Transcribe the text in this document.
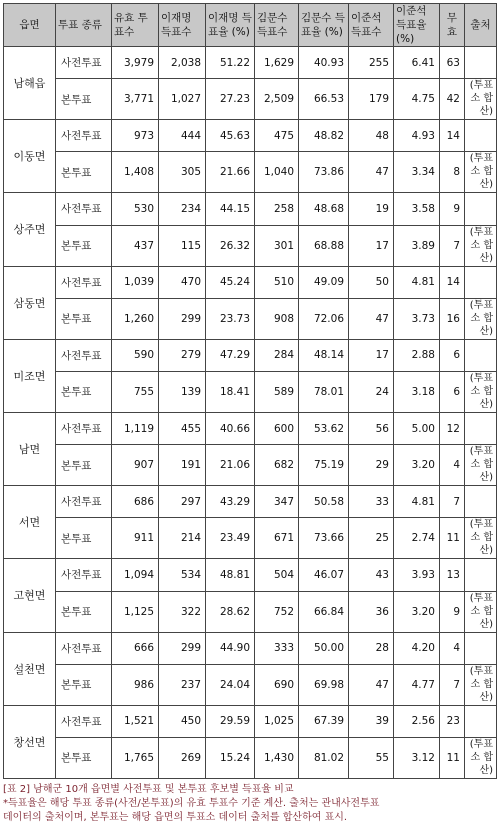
읍면	투표 종류	유효 투표수	이재명 득표수	이재명 득표율 (%)	김문수 득표수	김문수 득표율 (%)	이준석 득표수	이준석 득표율 (%)	무효	출처
남해읍	사전투표	3,979	2,038	51.22	1,629	40.93	255	6.41	63	
	본투표	3,771	1,027	27.23	2,509	66.53	179	4.75	42	(투표소 합산)
이동면	사전투표	973	444	45.63	475	48.82	48	4.93	14	
	본투표	1,408	305	21.66	1,040	73.86	47	3.34	8	(투표소 합산)
상주면	사전투표	530	234	44.15	258	48.68	19	3.58	9	
	본투표	437	115	26.32	301	68.88	17	3.89	7	(투표소 합산)
삼동면	사전투표	1,039	470	45.24	510	49.09	50	4.81	14	
	본투표	1,260	299	23.73	908	72.06	47	3.73	16	(투표소 합산)
미조면	사전투표	590	279	47.29	284	48.14	17	2.88	6	
	본투표	755	139	18.41	589	78.01	24	3.18	6	(투표소 합산)
남면	사전투표	1,119	455	40.66	600	53.62	56	5.00	12	
	본투표	907	191	21.06	682	75.19	29	3.20	4	(투표소 합산)
서면	사전투표	686	297	43.29	347	50.58	33	4.81	7	
	본투표	911	214	23.49	671	73.66	25	2.74	11	(투표소 합산)
고현면	사전투표	1,094	534	48.81	504	46.07	43	3.93	13	
	본투표	1,125	322	28.62	752	66.84	36	3.20	9	(투표소 합산)
설천면	사전투표	666	299	44.90	333	50.00	28	4.20	4	
	본투표	986	237	24.04	690	69.98	47	4.77	7	(투표소 합산)
창선면	사전투표	1,521	450	29.59	1,025	67.39	39	2.56	23	
	본투표	1,765	269	15.24	1,430	81.02	55	3.12	11	(투표소 합산)

[표 2] 남해군 10개 읍면별 사전투표 및 본투표 후보별 득표율 비교

*득표율은 해당 투표 종류(사전/본투표)의 유효 투표수 기준 계산. 출처는 관내사전투표

데이터의 출처이며, 본투표는 해당 읍면의 투표소 데이터 출처를 합산하여 표시.
